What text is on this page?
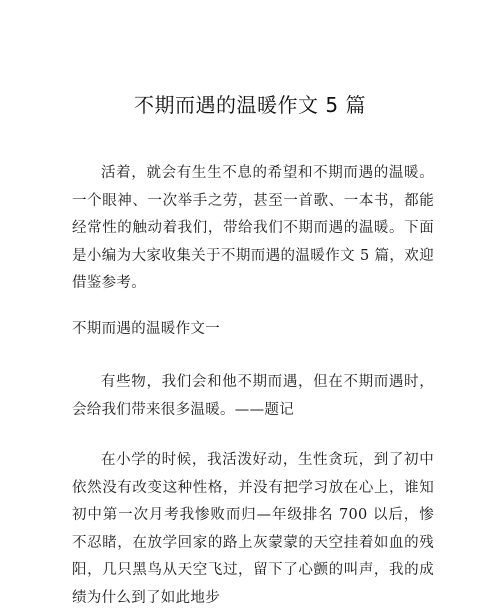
不期而遇的温暖作文 5 篇

活着，就会有生生不息的希望和不期而遇的温暖。一个眼神、一次举手之劳，甚至一首歌、一本书，都能经常性的触动着我们，带给我们不期而遇的温暖。下面是小编为大家收集关于不期而遇的温暖作文 5 篇，欢迎借鉴参考。

不期而遇的温暖作文一

有些物，我们会和他不期而遇，但在不期而遇时，会给我们带来很多温暖。——题记

在小学的时候，我活泼好动，生性贪玩，到了初中依然没有改变这种性格，并没有把学习放在心上，谁知初中第一次月考我惨败而归—年级排名 700 以后，惨不忍睹，在放学回家的路上灰蒙蒙的天空挂着如血的残阳，几只黑鸟从天空飞过，留下了心颤的叫声，我的成绩为什么到了如此地步
